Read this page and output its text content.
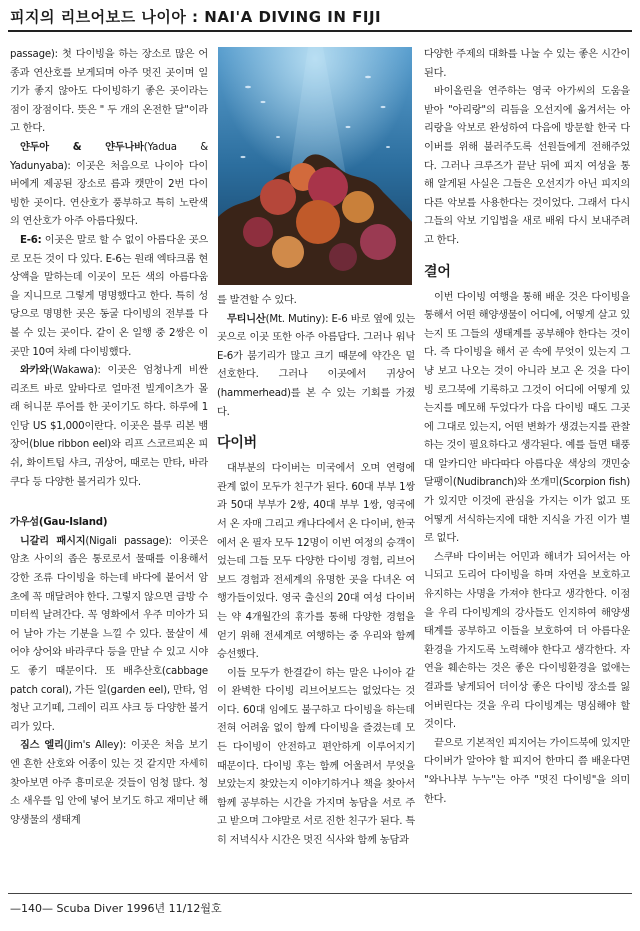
피지의 리브어보드 나이아 : NAI'A DIVING IN FIJI

passage): 첫 다이빙을 하는 장소로 많은 어종과 연산호를 보게되며 아주 멋진 곳이며 일기가 좋지 않아도 다이빙하기 좋은 곳이라는 점이 장점이다. 뜻은 " 두 개의 온전한 달"이라고 한다.

얀두아 & 얀두나바(Yadua & Yadunyaba): 이곳은 처음으로 나이아 다이버에게 제공된 장소로 름과 캣만이 2번 다이빙한 곳이다. 연산호가 풍부하고 특히 노란색의 연산호가 아주 아름다웠다.

E-6: 이곳은 말로 할 수 없이 아름다운 곳으로 모든 것이 다 있다. E-6는 원래 엑타크롬 현상액을 말하는데 이곳이 모든 색의 아름다움을 지니므로 그렇게 명명했다고 한다. 특히 성당으로 명명한 곳은 동굴 다이빙의 전부를 다 볼 수 있는 곳이다. 같이 온 일행 중 2쌍은 이곳만 10여 차례 다이빙했다.

와카와(Wakawa): 이곳은 엄청나게 비싼 리조트 바로 앞바다로 얼마전 빌게이츠가 몰래 허니문 루어를 한 곳이기도 하다. 하루에 1인당 US $1,000이란다. 이곳은 블루 리본 뱀장어(blue ribbon eel)와 리프 스코르피온 피쉬, 화이트팁 샤크, 귀상어, 때로는 만타, 바라쿠다 등 다양한 볼거리가 있다.

가우섬(Gau-Island)

니갈리 패시지(Nigali passage): 이곳은 암초 사이의 좁은 통로로서 물때를 이용해서 강한 조류 다이빙을 하는데 바다에 붙어서 암초에 꼭 매달려야 한다. 그렇지 않으면 급방 수 미터씩 날려간다. 꼭 영화에서 우주 미아가 되어 날아 가는 기분을 느낄 수 있다. 물살이 세어야 상어와 바라쿠다 등을 만날 수 있고 시야도 좋기 때문이다. 또 배추산호(cabbage patch coral), 가든 일(garden eel), 만타, 엄청난 고기떼, 그레이 리프 샤크 등 다양한 볼거리가 있다.

짐스 엘리(Jim's Alley): 이곳은 처음 보기엔 흔한 산호와 어종이 있는 것 같지만 자세히 찾아보면 아주 흥미로운 것들이 엄청 많다. 청소 새우를 입 안에 넣어 보기도 하고 재미난 해양생물의 생태계

를 발견할 수 있다.

무티니산(Mt. Mutiny): E-6 바로 옆에 있는 곳으로 이곳 또한 아주 아름답다. 그러나 워낙 E-6가 붐기리가 많고 크기 때문에 약간은 덜 선호한다. 그러나 이곳에서 귀상어(hammerhead)를 본 수 있는 기회를 가졌다.

다이버

대부분의 다이버는 미국에서 오며 연령에 관계 없이 모두가 친구가 된다. 60대 부부 1쌍과 50대 부부가 2쌍, 40대 부부 1쌍, 영국에서 온 자매 그리고 캐나다에서 온 다이버, 한국에서 온 필자 모두 12명이 이번 여정의 승객이었는데 그들 모두 다양한 다이빙 경험, 리브어보드 경험과 전세계의 유명한 곳을 다녀온 여행가들이었다. 영국 출신의 20대 여성 다이버는 약 4개월간의 휴가를 통해 다양한 경험을 얻기 위해 전세계로 여행하는 중 우리와 함께 승선했다.

이들 모두가 한결같이 하는 말은 나이아 같이 완벽한 다이빙 리브어보드는 없었다는 것이다. 60대 임에도 불구하고 다이빙을 하는데 전혀 어려움 없이 함께 다이빙을 즐겼는데 모든 다이빙이 안전하고 편안하게 이루어지기 때문이다. 다이빙 후는 함께 어울려서 무엇을 보았는지 찾았는지 이야기하거나 책을 찾아서 함께 공부하는 시간을 가지며 농담을 서로 주고 받으며 그야말로 서로 진한 친구가 된다. 특히 저녁식사 시간은 멋진 식사와 함께 농담과

다양한 주제의 대화를 나눌 수 있는 좋은 시간이 된다.

바이올린을 연주하는 영국 아가씨의 도움을 받아 "아리랑"의 리듬을 오선지에 옮겨서는 아리랑을 악보로 완성하여 다음에 방문할 한국 다이버를 위해 불러주도록 선원들에게 전해주었다. 그러나 크루즈가 끝난 뒤에 피지 여성을 통해 알게된 사실은 그들은 오선지가 아닌 피지의 다른 악보를 사용한다는 것이었다. 그래서 다시 그들의 악보 기입법을 새로 배워 다시 보내주려고 한다.

결어

이번 다이빙 여행을 통해 배운 것은 다이빙을 통해서 어떤 해양생물이 어디에, 어떻게 살고 있는지 또 그들의 생태계를 공부해야 한다는 것이다. 즉 다이빙을 해서 곧 속에 무엇이 있는지 그냥 보고 나오는 것이 아니라 보고 온 것을 다이빙 로그북에 기록하고 그것이 어디에 어떻게 있는지를 메모해 두었다가 다음 다이빙 때도 그곳에 그대로 있는지, 어떤 변화가 생겼는지를 관찰하는 것이 필요하다고 생각된다. 예를 들면 태풍대 알카디안 바다따다 아름다운 색상의 갯민숭 달팽이(Nudibranch)와 쏘개미(Scorpion fish)가 있지만 이것에 관심을 가지는 이가 없고 또 어떻게 서식하는지에 대한 지식을 가진 이가 별로 없다.

스쿠바 다이버는 어민과 해녀가 되어서는 아니되고 도리어 다이빙을 하며 자연을 보호하고 유지하는 사명을 가져야 한다고 생각한다. 이점을 우리 다이빙계의 강사들도 인지하여 해양생태계를 공부하고 이들을 보호하여 더 아름다운 환경을 가지도록 노력해야 한다고 생각한다. 자연을 훼손하는 것은 좋은 다이빙환경을 없애는 결과를 낳게되어 더이상 좋은 다이빙 장소를 잃어버린다는 것을 우리 다이빙계는 명심해야 할 것이다.

끝으로 기본적인 피지어는 가이드북에 있지만 다이버가 알아야 할 피지어 한마디 쯤 배운다면 "와나나부 누누"는 아주 "멋진 다이빙"을 의미한다.

—140— Scuba Diver 1996년 11/12월호
